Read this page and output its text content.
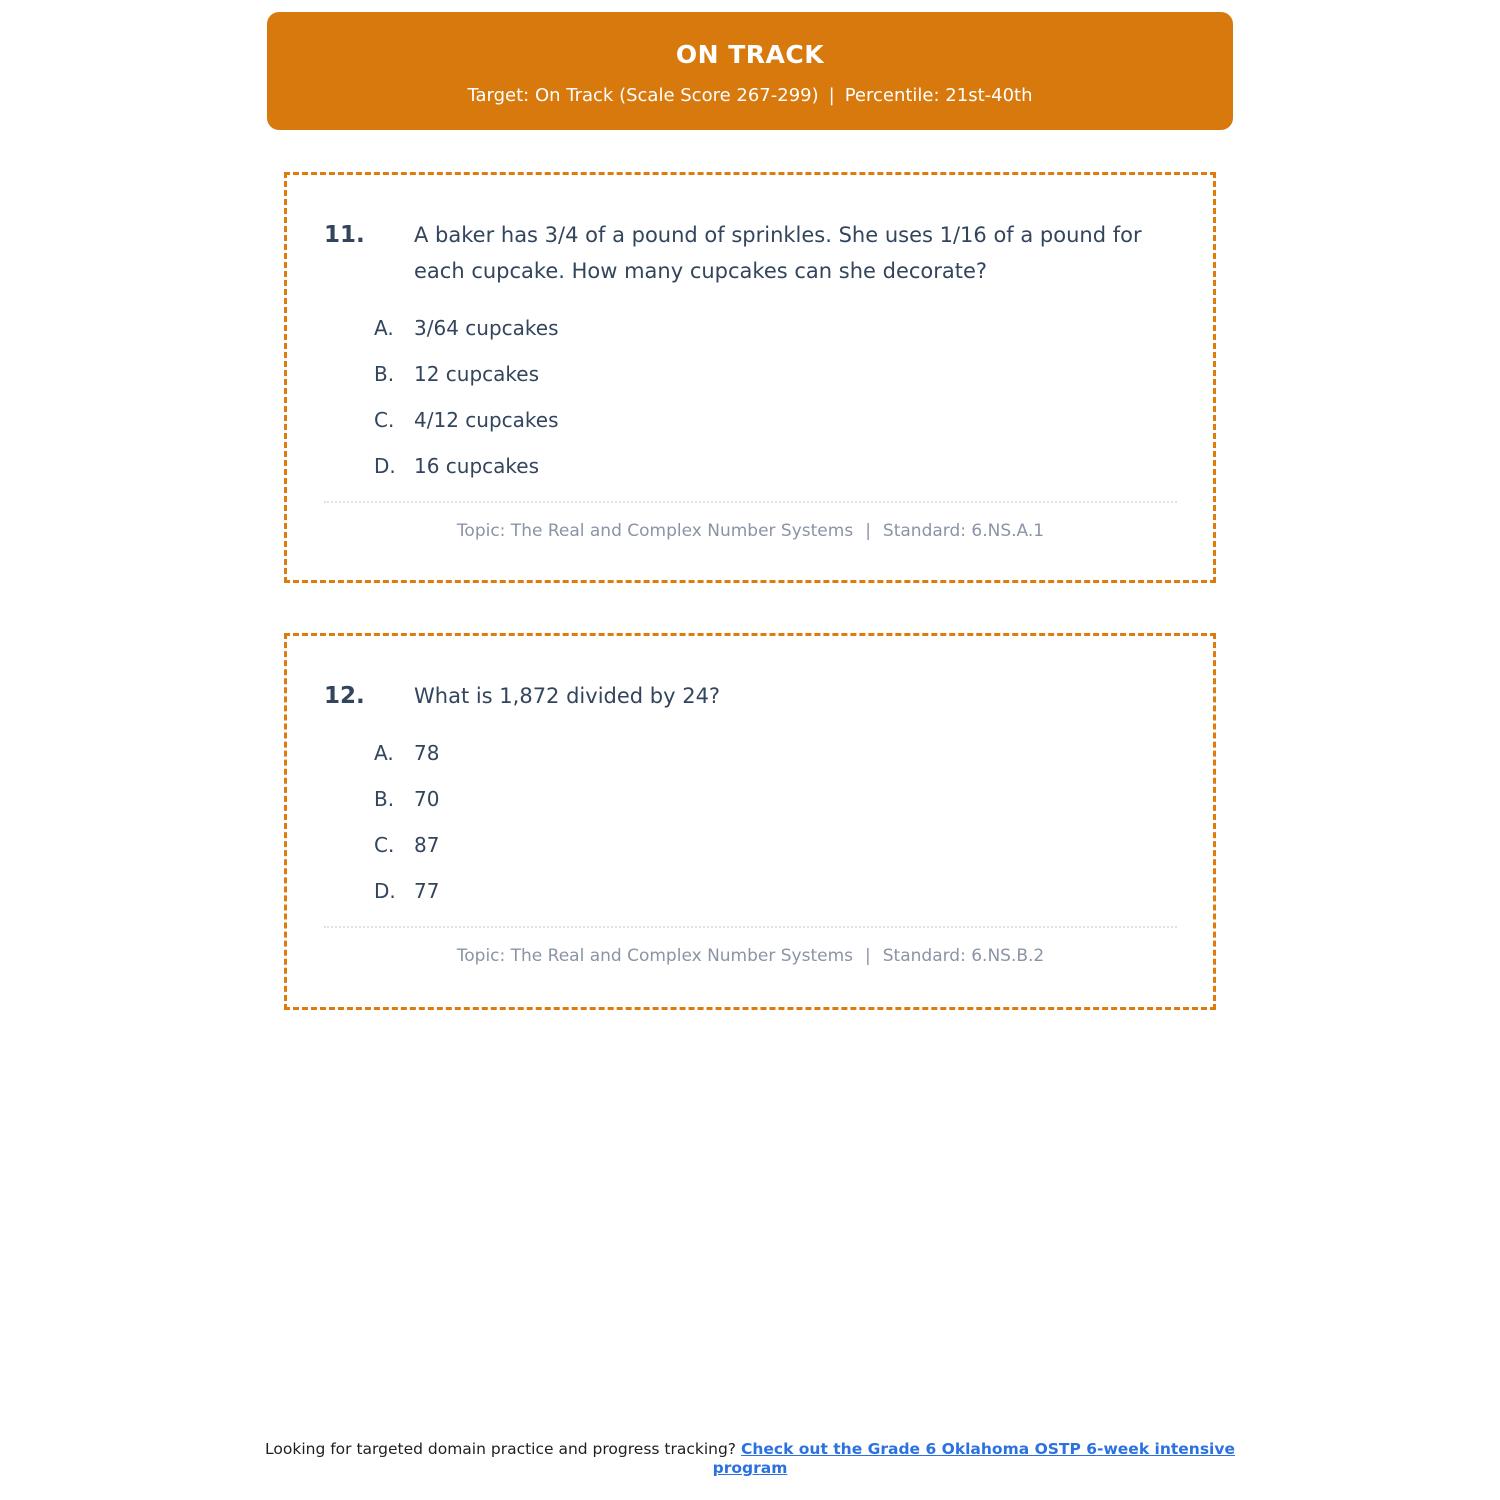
ON TRACK
Target: On Track (Scale Score 267-299) | Percentile: 21st-40th
11.	A baker has 3/4 of a pound of sprinkles. She uses 1/16 of a pound for each cupcake. How many cupcakes can she decorate?
A.	3/64 cupcakes
B. 12 cupcakes
C. 4/12 cupcakes
D. 16 cupcakes
Topic: The Real and Complex Number Systems | Standard: 6.NS.A.1
12.	What is 1,872 divided by 24?
A.	78
B. 70
C. 87
D. 77
Topic: The Real and Complex Number Systems | Standard: 6.NS.B.2
Looking for targeted domain practice and progress tracking? Check out the Grade 6 Oklahoma OSTP 6-week intensive program
